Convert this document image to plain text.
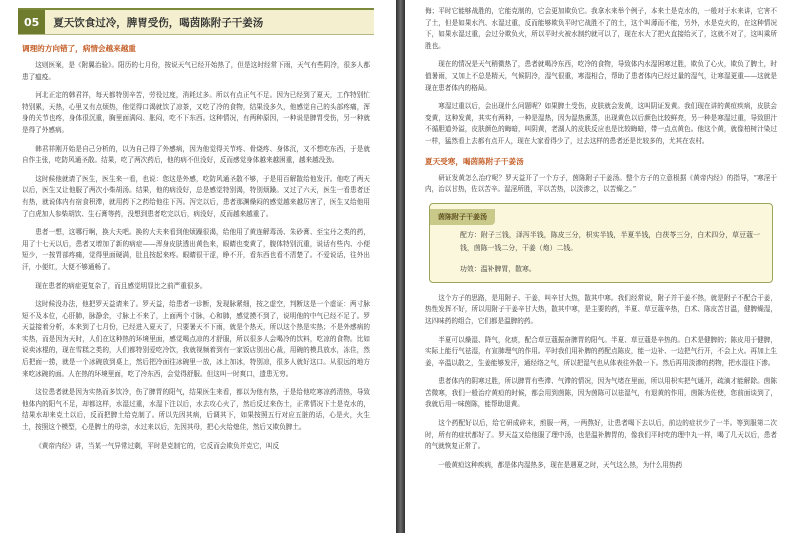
05	夏天饮食过冷，脾胃受伤，喝茵陈附子干姜汤
调理的方向错了，病情会越来越重

这则医案，是《附翼治验》。阳历的七月份，按说天气已经开始热了，但是这时经常下雨，天气有些阴冷，很多人都患了瘟疫。

河北正定的韩君祥，每天都特别辛苦，劳役过度，消耗过多。所以有点正气不足。因为已经到了夏天，工作特别忙特别累，天热，心里又有点烦热，他觉得口渴就饮了凉茶，又吃了冷的食物，结果没多久，他感觉自己的头部疼痛，浑身的关节也疼，身体很沉重，胸里面满闷、胀闷，吃不下东西。这种情况，有两种原因，一种说是脾胃受伤，另一种就是得了外感病。

韩君祥刚开始是自己分析的，以为自己得了外感病，因为他觉得关节疼、骨烧疼、身体沉，又不想吃东西，于是就自作主张，吃防风通圣散。结果，吃了两次药后，他的病不但没好，反而感觉身体越来越困重，越来越没劲。

这时候他就请了医生，医生来一看，也说：您这是外感，吃防风通圣散不够，于是用百解散给他发汗。他吃了两天以后，医生又让他服了两次小柴胡汤。结果，他的病没好，总是感觉特别渴，特别烦躁。又过了六天，医生一看患者还有热，就说体内有宿食积滞，就用药下之药给他往下泻。泻完以后，患者那渊燥闷的感觉越来越厉害了，医生又给他用了白虎加人参柴胡饮、生石膏等药，没想到患者吃完以后，病没好，反而越来越重了。

患者一想，这哪行啊，换大夫吧。换的大夫来看到他烦躁很渴，给他用了黄连解毒汤、朱砂膏、至宝丹之类的药，用了十七天以后，患者又增加了新的病症——浑身皮肤透出黄色来，眼睛也变黄了，腹体特别沉重，说话有些内、小便短少，一按胃部疼痛，觉得里面硬满，肚且按起来疼。眼睛很干涩，睁不开，看东西也看不清楚了。不爱说话，往外出汗，小便红，大便不够通畅了。

现在患者的病症更复杂了，而且感觉明显比之前严重很多。

这时候没办法，他把罗天益请来了。罗天益，给患者一诊断，发现脉紧细，按之虚空，判断这是一个虚证：两寸脉短不及本位，心肝肺，脉静余，寸脉上不来了，上面两个寸脉，心和肺，感觉摸不到了，说明他的中气已经不足了。罗天益接着分析，本来到了七月份，已经进入夏天了，只要暑天不下雨，就是个热天，所以这个热是实热；不是外感病的实热，而是因为天时，人们在这种热的环境里面，感觉喝点凉的才舒服，所以很多人会喝冷的饮料，吃凉的食物。比如说卖冰棍的，现在雪糕之类的，人们都特别爱吃冷饮，我就视频着到有一家饭店别出心裁，用碗的模具放水，冻住，然后把面一捞，就是一个冰碗放到桌上，然后把冷面往冰碗里一放，冰上加冰，特别凉，很多人就好这口。从很远的地方来吃冰碗的面。人在热的环境里面，吃了冷东西，会觉得舒服。但这叫一时爽口，遗患无穷。

这位患者就是因为实热而多饮冷，伤了脾胃的阳气，结果医生来看，都以为他有热，于是给他吃寒凉药清热，导致他体内的阳气不足，却都这样，水湿过重，水湿下注以后，水去攻心火了，然后反过来伤土，正常情况下土是克水的，结果水却来克土以后，反而把脾土给克制了。所以先因其病，后调其下，如果按照五行对应五脏的话，心是火，火生土，按照这个模型，心是脾土的母亲，水过来以后，先因其母，把心火给熄住，然后又欺负脾土。

《黄帝内经》讲，当某一气异常过剩，平时是克制它的，它反而会欺负并克它，叫反

侮；平时它能够战胜的，它能克制的，它会更加欺负它。我拿水来举个例子，本来土是克水的，一般对于水来讲，它害不了土，但是如果水汽、水湿过重，反而能够欺负平时它战胜不了的土，这个叫薄而不能，另外，水是克火的，在这种情况下，如果水湿过重，会过分欺负火，所以平时火被水制约就可以了，现在水大了把火直接给灭了，这就不对了，这叫乘所胜也。

现在的情况是天气稍微热了，患者就喝冷东西，吃冷的食物，导致体内水湿困寒过胜，欺负了心火，欺负了脾土，时值暑雨，又加上不总是精天，气候阴冷，湿气很重，寒湿相合，帮助了患者体内已经过量的湿气，让寒湿更重——这就是现在患者体内的格局。

寒湿过重以后，会出现什么问题呢？如果脾土受伤，皮肤就会发黄，这叫阴证发黄。我们现在讲的黄疸疾病，皮肤会变黄，这种发黄，其实有两种，一种是湿热，因为湿热熏蒸，出现黄色以后颜色比较鲜亮，另一种是寒湿过重，导致胆汁不循胆道外溢，皮肤颜色的晦暗，叫阴黄，老湖人的皮肤反应也是比较晦暗，带一点点黄色。他这个黄，就像柏树汁染过一样，猛然看上去都有点开人，现在大家看得少了，过去这样的患者还是比较多的，尤其在农村。

夏天受寒，喝茵陈附子干姜汤

研证发黄怎么治疗呢？罗天益开了一个方子，茵陈附子干姜汤。整个方子的立意根据《黄帝内经》的指导，“寒淫于内，治以甘热，佐以苦辛。湿淫所胜，平以苦热，以淡渗之，以苦燥之。”

茵陈附子干姜汤

配方：附子三钱，泽泻半钱，陈皮三分，枳实半钱，半夏半钱，白茯苓三分，白术四分，草豆蔻一钱，茵陈一钱二分，干姜（炮）二钱。

功效：温补脾胃，散寒。

这个方子的思路，是用附子、干姜，叫辛甘大热，散其中寒。我们经常说，附子并干姜不热，就是附子不配合干姜，热性发挥不好，所以用附子干姜辛甘大热，散其中寒，是主要的药，半夏、草豆蔻辛热，白术、陈皮苦甘温，健脾燥湿，这四味药的组合，它们都是温脾的药。

半夏可以燥湿、降气，化痰，配合草豆蔻振奋脾胃的阳气。半夏、草豆蔻是辛热的。白术是健脾的；陈皮用于健脾，实际上能行气祛湿，有宣肺理气的作用。平时我们用补脾的药配点陈皮，能一边补、一边把气行开，不会上火。再加上生姜，辛温以散之，生姜能够发汗，通经络之气，所以把湿气也从体表往外散一下。然后再用淡渗的药物，把水湿往下渗。

患者体内的阴寒过胜，所以脾胃有些滞、气滞的情况，因为气堵在里面，所以用枳实把气通开，疏滴才能解除。茵陈苦微寒，我们一般治疗黄疸的时候，都会用到茵陈，因为茵陈可以祛湿气，有退黄的作用，茵陈为佐使，您前面谈到了，我就后用一味茵陈，能帮助退黄。

这个药配好以后，给它研成碎末，煎服一两，一两熬好，让患者喝下去以后，前边的症状少了一半。等到服第二次时，所有的症状都好了。罗天益又给他服了理中汤，也是温补脾胃的，像我们平时吃的理中丸一样，喝了几天以后，患者的气就恢复正常了。

一般黄疸这种疾病，都是体内湿热多，现在是遇夏之时，天气这么热，为什么用热药
